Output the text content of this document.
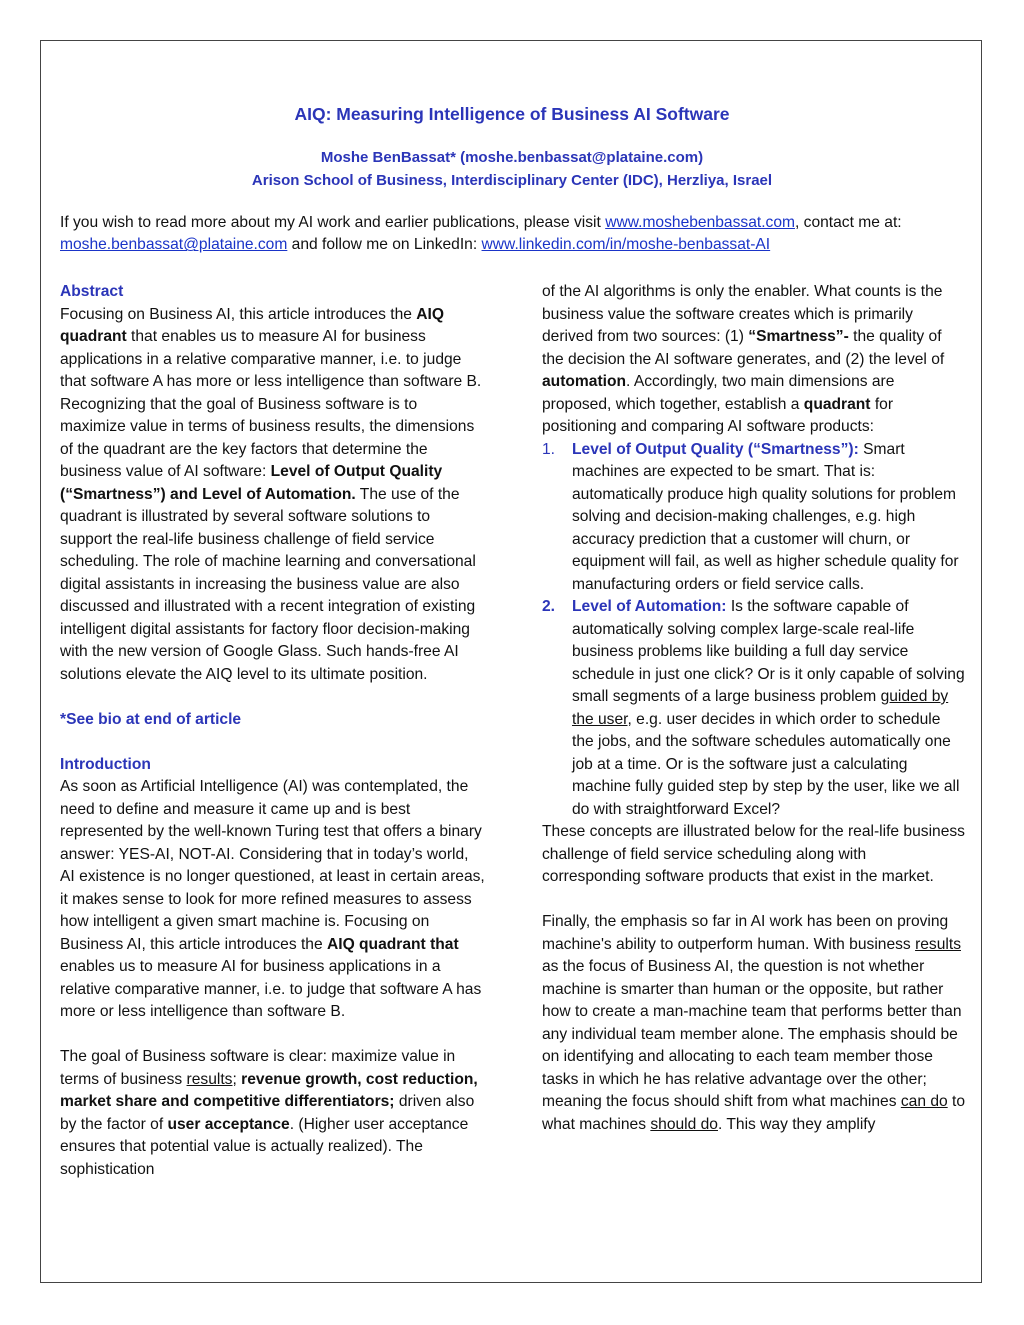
AIQ: Measuring Intelligence of Business AI Software
Moshe BenBassat* (moshe.benbassat@plataine.com)
Arison School of Business, Interdisciplinary Center (IDC), Herzliya, Israel
If you wish to read more about my AI work and earlier publications, please visit www.moshebenbassat.com, contact me at: moshe.benbassat@plataine.com and follow me on LinkedIn: www.linkedin.com/in/moshe-benbassat-AI

Abstract

Focusing on Business AI, this article introduces the AIQ quadrant that enables us to measure AI for business applications in a relative comparative manner, i.e. to judge that software A has more or less intelligence than software B. Recognizing that the goal of Business software is to maximize value in terms of business results, the dimensions of the quadrant are the key factors that determine the business value of AI software: Level of Output Quality (“Smartness”) and Level of Automation. The use of the quadrant is illustrated by several software solutions to support the real-life business challenge of field service scheduling. The role of machine learning and conversational digital assistants in increasing the business value are also discussed and illustrated with a recent integration of existing intelligent digital assistants for factory floor decision-making with the new version of Google Glass. Such hands-free AI solutions elevate the AIQ level to its ultimate position.

*See bio at end of article

Introduction

As soon as Artificial Intelligence (AI) was contemplated, the need to define and measure it came up and is best represented by the well-known Turing test that offers a binary answer: YES-AI, NOT-AI. Considering that in today’s world, AI existence is no longer questioned, at least in certain areas, it makes sense to look for more refined measures to assess how intelligent a given smart machine is. Focusing on Business AI, this article introduces the AIQ quadrant that enables us to measure AI for business applications in a relative comparative manner, i.e. to judge that software A has more or less intelligence than software B.

The goal of Business software is clear: maximize value in terms of business results; revenue growth, cost reduction, market share and competitive differentiators; driven also by the factor of user acceptance. (Higher user acceptance ensures that potential value is actually realized). The sophistication

of the AI algorithms is only the enabler. What counts is the business value the software creates which is primarily derived from two sources: (1) “Smartness”- the quality of the decision the AI software generates, and (2) the level of automation. Accordingly, two main dimensions are proposed, which together, establish a quadrant for positioning and comparing AI software products:

1. Level of Output Quality (“Smartness”): Smart machines are expected to be smart. That is: automatically produce high quality solutions for problem solving and decision-making challenges, e.g. high accuracy prediction that a customer will churn, or equipment will fail, as well as higher schedule quality for manufacturing orders or field service calls.
2. Level of Automation: Is the software capable of automatically solving complex large-scale real-life business problems like building a full day service schedule in just one click? Or is it only capable of solving small segments of a large business problem guided by the user, e.g. user decides in which order to schedule the jobs, and the software schedules automatically one job at a time. Or is the software just a calculating machine fully guided step by step by the user, like we all do with straightforward Excel?

These concepts are illustrated below for the real-life business challenge of field service scheduling along with corresponding software products that exist in the market.

Finally, the emphasis so far in AI work has been on proving machine's ability to outperform human. With business results as the focus of Business AI, the question is not whether machine is smarter than human or the opposite, but rather how to create a man-machine team that performs better than any individual team member alone. The emphasis should be on identifying and allocating to each team member those tasks in which he has relative advantage over the other; meaning the focus should shift from what machines can do to what machines should do. This way they amplify
